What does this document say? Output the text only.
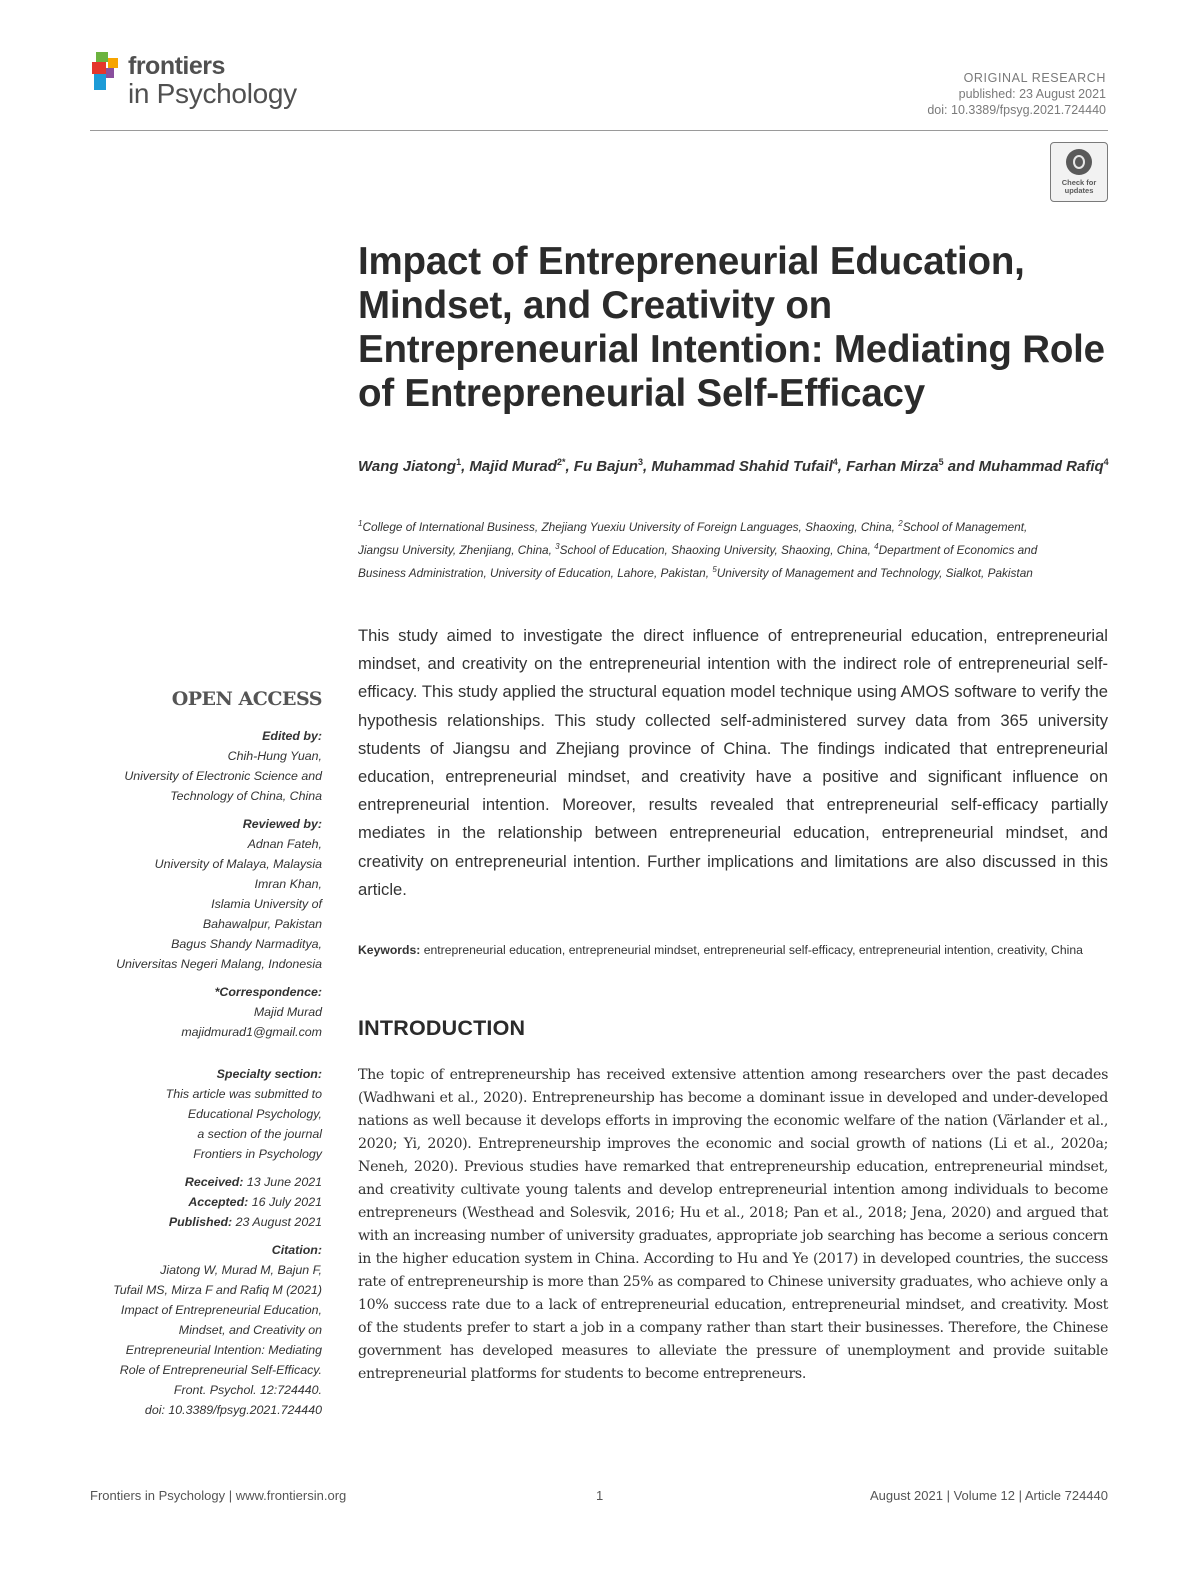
frontiers
in Psychology	ORIGINAL RESEARCH
published: 23 August 2021
doi: 10.3389/fpsyg.2021.724440
Check for updates
Impact of Entrepreneurial Education, Mindset, and Creativity on Entrepreneurial Intention: Mediating Role of Entrepreneurial Self-Efficacy
Wang Jiatong$^1$, Majid Murad$^{2*}$, Fu Bajun$^3$, Muhammad Shahid Tufail$^4$, Farhan Mirza$^5$ and Muhammad Rafiq$^4$
$^1$College of International Business, Zhejiang Yuexiu University of Foreign Languages, Shaoxing, China, $^2$School of Management, Jiangsu University, Zhenjiang, China, $^3$School of Education, Shaoxing University, Shaoxing, China, $^4$Department of Economics and Business Administration, University of Education, Lahore, Pakistan, $^5$University of Management and Technology, Sialkot, Pakistan
This study aimed to investigate the direct influence of entrepreneurial education, entrepreneurial mindset, and creativity on the entrepreneurial intention with the indirect role of entrepreneurial self-efficacy. This study applied the structural equation model technique using AMOS software to verify the hypothesis relationships. This study collected self-administered survey data from 365 university students of Jiangsu and Zhejiang province of China. The findings indicated that entrepreneurial education, entrepreneurial mindset, and creativity have a positive and significant influence on entrepreneurial intention. Moreover, results revealed that entrepreneurial self-efficacy partially mediates in the relationship between entrepreneurial education, entrepreneurial mindset, and creativity on entrepreneurial intention. Further implications and limitations are also discussed in this article.
Keywords: entrepreneurial education, entrepreneurial mindset, entrepreneurial self-efficacy, entrepreneurial intention, creativity, China
INTRODUCTION
The topic of entrepreneurship has received extensive attention among researchers over the past decades (Wadhwani et al., 2020). Entrepreneurship has become a dominant issue in developed and under-developed nations as well because it develops efforts in improving the economic welfare of the nation (Värlander et al., 2020; Yi, 2020). Entrepreneurship improves the economic and social growth of nations (Li et al., 2020a; Neneh, 2020). Previous studies have remarked that entrepreneurship education, entrepreneurial mindset, and creativity cultivate young talents and develop entrepreneurial intention among individuals to become entrepreneurs (Westhead and Solesvik, 2016; Hu et al., 2018; Pan et al., 2018; Jena, 2020) and argued that with an increasing number of university graduates, appropriate job searching has become a serious concern in the higher education system in China. According to Hu and Ye (2017) in developed countries, the success rate of entrepreneurship is more than 25% as compared to Chinese university graduates, who achieve only a 10% success rate due to a lack of entrepreneurial education, entrepreneurial mindset, and creativity. Most of the students prefer to start a job in a company rather than start their businesses. Therefore, the Chinese government has developed measures to alleviate the pressure of unemployment and provide suitable entrepreneurial platforms for students to become entrepreneurs.
OPEN ACCESS
Edited by:
Chih-Hung Yuan,
University of Electronic Science and
Technology of China, China
Reviewed by:
Adnan Fateh,
University of Malaya, Malaysia
Imran Khan,
Islamia University of
Bahawalpur, Pakistan
Bagus Shandy Narmaditya,
Universitas Negeri Malang, Indonesia
*Correspondence:
Majid Murad
majidmurad1@gmail.com
Specialty section:
This article was submitted to
Educational Psychology,
a section of the journal
Frontiers in Psychology
Received: 13 June 2021
Accepted: 16 July 2021
Published: 23 August 2021
Citation:
Jiatong W, Murad M, Bajun F,
Tufail MS, Mirza F and Rafiq M (2021)
Impact of Entrepreneurial Education,
Mindset, and Creativity on
Entrepreneurial Intention: Mediating
Role of Entrepreneurial Self-Efficacy.
Front. Psychol. 12:724440.
doi: 10.3389/fpsyg.2021.724440
Frontiers in Psychology | www.frontiersin.org	1	August 2021 | Volume 12 | Article 724440
